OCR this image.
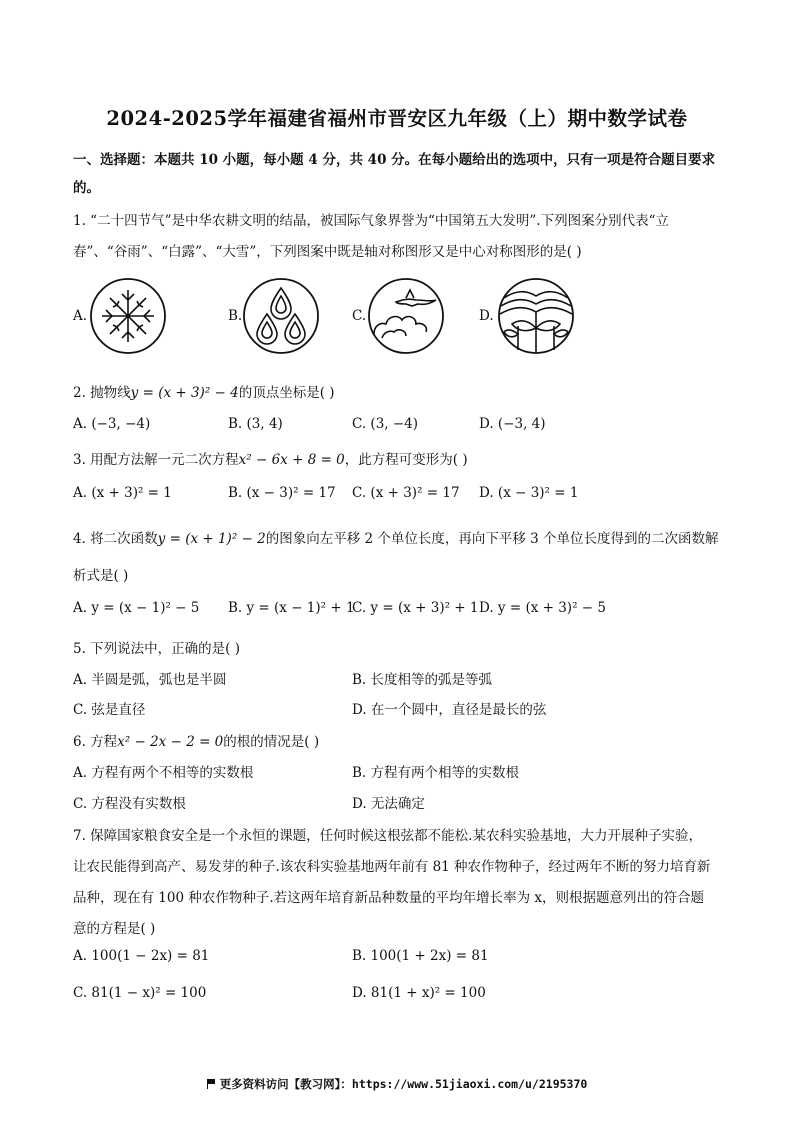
2024-2025学年福建省福州市晋安区九年级（上）期中数学试卷
一、选择题：本题共 10 小题，每小题 4 分，共 40 分。在每小题给出的选项中，只有一项是符合题目要求
的。
1. “二十四节气”是中华农耕文明的结晶，被国际气象界誉为“中国第五大发明”.下列图案分别代表“立
春”、“谷雨”、“白露”、“大雪”，下列图案中既是轴对称图形又是中心对称图形的是( )
A.	B.	C.	D.
2. 抛物线y = (x + 3)² − 4的顶点坐标是( )
A. (−3, −4)	B. (3, 4)	C. (3, −4)	D. (−3, 4)
3. 用配方法解一元二次方程x² − 6x + 8 = 0，此方程可变形为( )
A. (x + 3)² = 1	B. (x − 3)² = 17 C. (x + 3)² = 17 D. (x − 3)² = 1
4. 将二次函数y = (x + 1)² − 2的图象向左平移 2 个单位长度，再向下平移 3 个单位长度得到的二次函数解
析式是( )
A. y = (x − 1)² − 5 B. y = (x − 1)² + 1
C. y = (x + 3)² + 1 D. y = (x + 3)² − 5
5. 下列说法中，正确的是( )
A. 半圆是弧，弧也是半圆	B. 长度相等的弧是等弧
C. 弦是直径	D. 在一个圆中，直径是最长的弦
6. 方程x² − 2x − 2 = 0的根的情况是( )
A. 方程有两个不相等的实数根	B. 方程有两个相等的实数根
C. 方程没有实数根	D. 无法确定
7. 保障国家粮食安全是一个永恒的课题，任何时候这根弦都不能松.某农科实验基地，大力开展种子实验，
让农民能得到高产、易发芽的种子.该农科实验基地两年前有 81 种农作物种子，经过两年不断的努力培育新
品种，现在有 100 种农作物种子.若这两年培育新品种数量的平均年增长率为 x，则根据题意列出的符合题
意的方程是( )
A. 100(1 − 2x) = 81	B. 100(1 + 2x) = 81
C. 81(1 − x)² = 100	D. 81(1 + x)² = 100
更多资料访问【教习网】：https://www.51jiaoxi.com/u/2195370
